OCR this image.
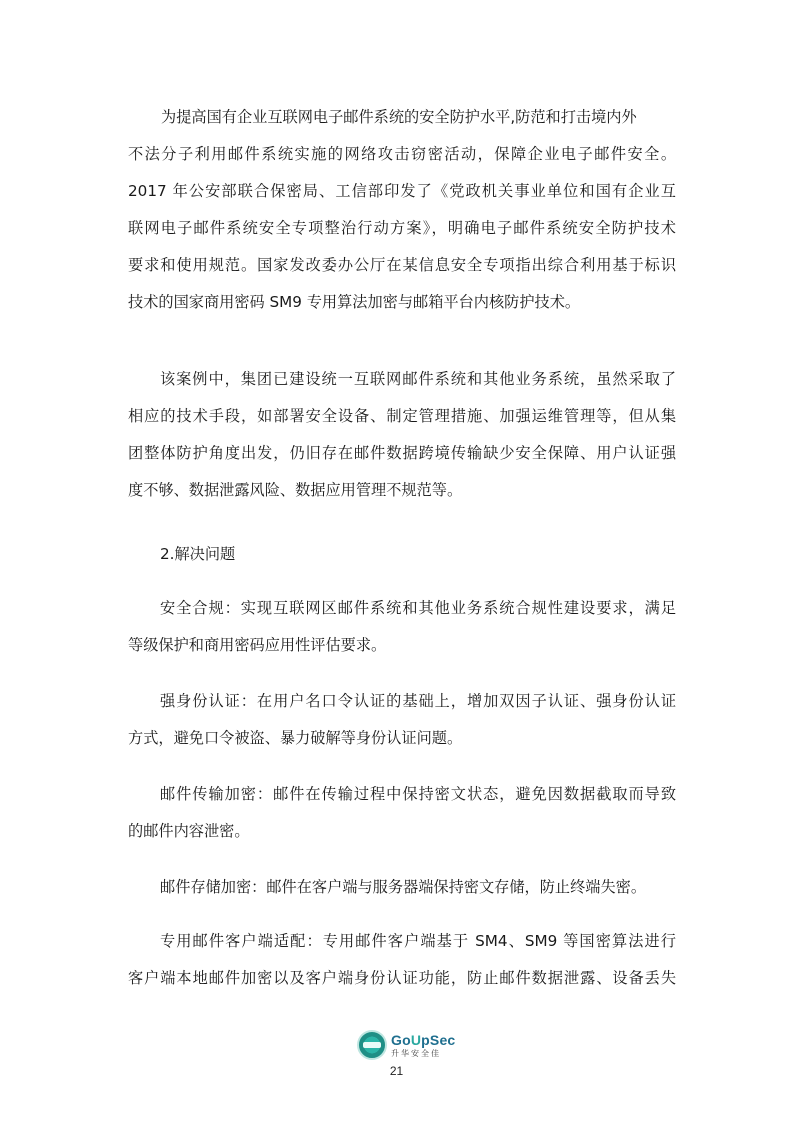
为提高国有企业互联网电子邮件系统的安全防护水平,防范和打击境内外
不法分子利用邮件系统实施的网络攻击窃密活动，保障企业电子邮件安全。
2017 年公安部联合保密局、工信部印发了《党政机关事业单位和国有企业互
联网电子邮件系统安全专项整治行动方案》，明确电子邮件系统安全防护技术
要求和使用规范。国家发改委办公厅在某信息安全专项指出综合利用基于标识
技术的国家商用密码 SM9 专用算法加密与邮箱平台内核防护技术。
该案例中，集团已建设统一互联网邮件系统和其他业务系统，虽然采取了
相应的技术手段，如部署安全设备、制定管理措施、加强运维管理等，但从集
团整体防护角度出发，仍旧存在邮件数据跨境传输缺少安全保障、用户认证强
度不够、数据泄露风险、数据应用管理不规范等。
2.解决问题
安全合规：实现互联网区邮件系统和其他业务系统合规性建设要求，满足
等级保护和商用密码应用性评估要求。
强身份认证：在用户名口令认证的基础上，增加双因子认证、强身份认证
方式，避免口令被盗、暴力破解等身份认证问题。
邮件传输加密：邮件在传输过程中保持密文状态，避免因数据截取而导致
的邮件内容泄密。
邮件存储加密：邮件在客户端与服务器端保持密文存储，防止终端失密。
专用邮件客户端适配：专用邮件客户端基于 SM4、SM9 等国密算法进行
客户端本地邮件加密以及客户端身份认证功能，防止邮件数据泄露、设备丢失
GoUpSec
升华安全佳
21
